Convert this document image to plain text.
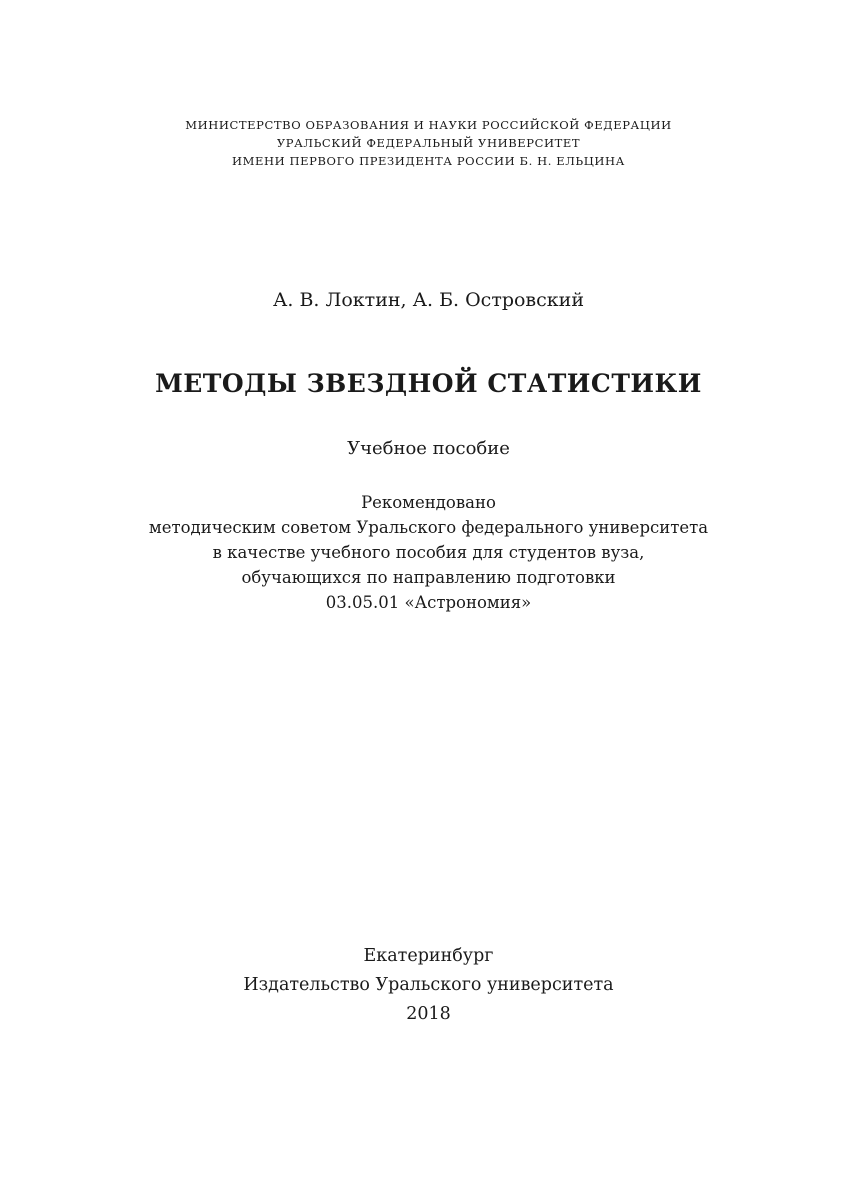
МИНИСТЕРСТВО ОБРАЗОВАНИЯ И НАУКИ РОССИЙСКОЙ ФЕДЕРАЦИИ
УРАЛЬСКИЙ ФЕДЕРАЛЬНЫЙ УНИВЕРСИТЕТ
ИМЕНИ ПЕРВОГО ПРЕЗИДЕНТА РОССИИ Б. Н. ЕЛЬЦИНА
А. В. Локтин, А. Б. Островский
МЕТОДЫ ЗВЕЗДНОЙ СТАТИСТИКИ
Учебное пособие
Рекомендовано
методическим советом Уральского федерального университета
в качестве учебного пособия для студентов вуза,
обучающихся по направлению подготовки
03.05.01 «Астрономия»
Екатеринбург
Издательство Уральского университета
2018
